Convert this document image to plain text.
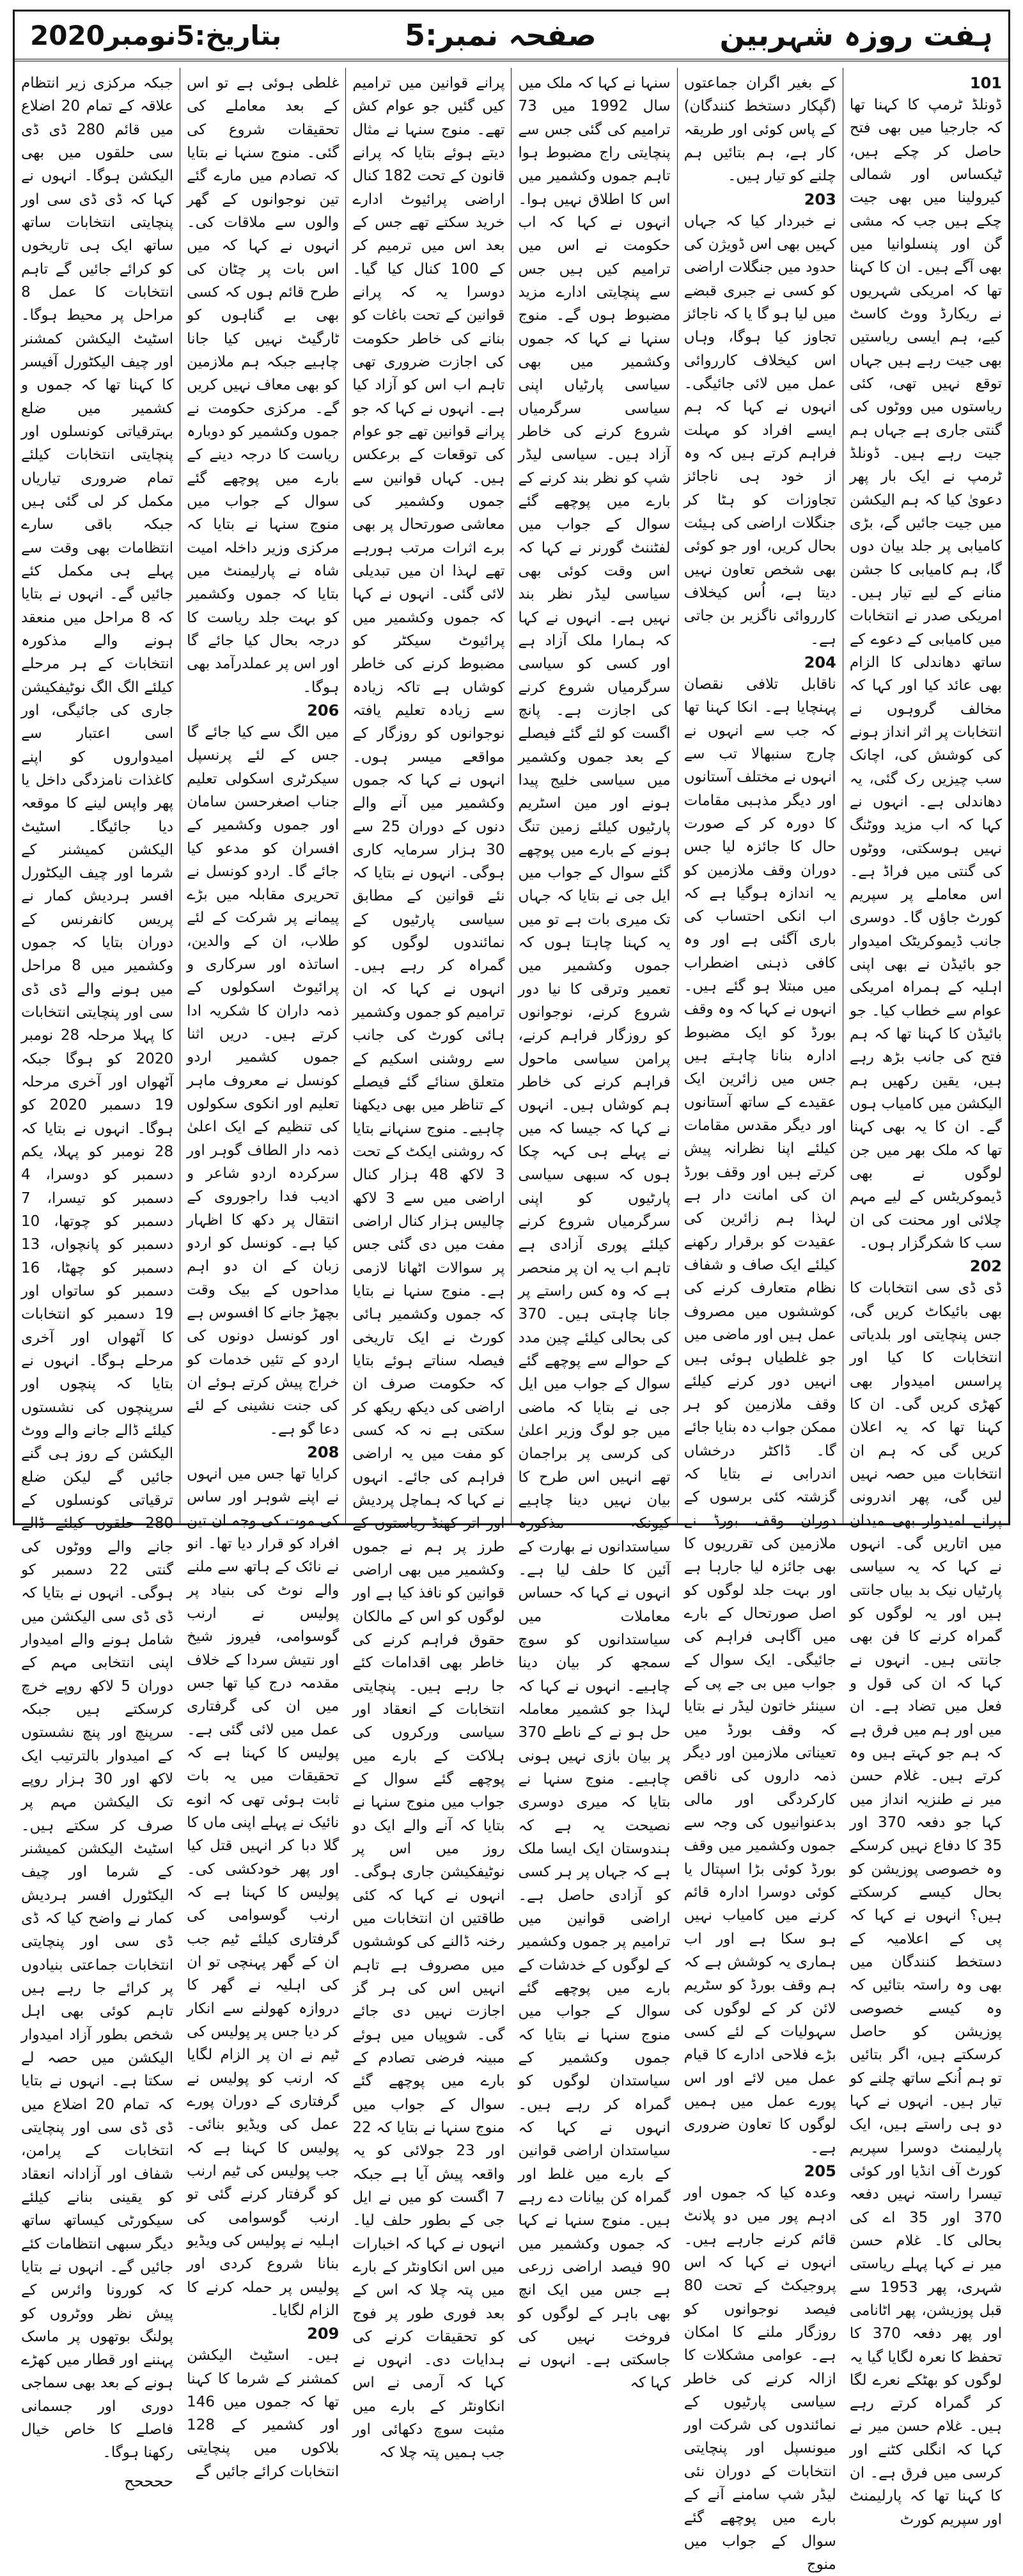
ہفت روزہ شہربین
صفحہ نمبر:5
بتاریخ:5نومبر2020
101

ڈونلڈ ٹرمپ کا کہنا تھا کہ جارجیا میں بھی فتح حاصل کر چکے ہیں، ٹیکساس اور شمالی کیرولینا میں بھی جیت چکے ہیں جب کہ مشی گن اور پنسلوانیا میں بھی آگے ہیں۔ ان کا کہنا تھا کہ امریکی شہریوں نے ریکارڈ ووٹ کاسٹ کیے، ہم ایسی ریاستیں بھی جیت رہے ہیں جہاں توقع نہیں تھی، کئی ریاستوں میں ووٹوں کی گنتی جاری ہے جہاں ہم جیت رہے ہیں۔ ڈونلڈ ٹرمپ نے ایک بار پھر دعویٰ کیا کہ ہم الیکشن میں جیت جائیں گے، بڑی کامیابی پر جلد بیان دوں گا، ہم کامیابی کا جشن منانے کے لیے تیار ہیں۔ امریکی صدر نے انتخابات میں کامیابی کے دعوے کے ساتھ دھاندلی کا الزام بھی عائد کیا اور کہا کہ مخالف گروہوں نے انتخابات پر اثر انداز ہونے کی کوشش کی، اچانک سب چیزیں رک گئی، یہ دھاندلی ہے۔ انہوں نے کہا کہ اب مزید ووٹنگ نہیں ہوسکتی، ووٹوں کی گنتی میں فراڈ ہے۔ اس معاملے پر سپریم کورٹ جاؤں گا۔ دوسری جانب ڈیموکریٹک امیدوار جو بائیڈن نے بھی اپنی اہلیہ کے ہمراہ امریکی عوام سے خطاب کیا۔ جو بائیڈن کا کہنا تھا کہ ہم فتح کی جانب بڑھ رہے ہیں، یقین رکھیں ہم الیکشن میں کامیاب ہوں گے۔ ان کا یہ بھی کہنا تھا کہ ملک بھر میں جن لوگوں نے بھی ڈیموکریٹس کے لیے مہم چلائی اور محنت کی ان سب کا شکرگزار ہوں۔

202

ڈی ڈی سی انتخابات کا بھی بائیکاٹ کریں گی، جس پنچایتی اور بلدیاتی انتخابات کا کیا اور پراسس امیدوار بھی کھڑی کریں گی۔ ان کا کہنا تھا کہ یہ اعلان کریں گی کہ ہم ان انتخابات میں حصہ نہیں لیں گی، پھر اندرونی پرانے امیدوار بھی میدان میں اتاریں گی۔ انہوں نے کہا کہ یہ سیاسی پارٹیاں نیک بد بیاں جانتی ہیں اور یہ لوگوں کو گمراہ کرنے کا فن بھی جانتی ہیں۔ انہوں نے کہا کہ ان کی قول و فعل میں تضاد ہے۔ ان میں اور ہم میں فرق ہے کہ ہم جو کہتے ہیں وہ کرتے ہیں۔ غلام حسن میر نے طنزیہ انداز میں کہا جو دفعہ 370 اور 35 کا دفاع نہیں کرسکے وہ خصوصی پوزیشن کو بحال کیسے کرسکتے ہیں؟ انہوں نے کہا کہ پی کے اعلامیہ کے دستخط کنندگان میں بھی وہ راستہ بتائیں کہ وہ کیسے خصوصی پوزیشن کو حاصل کرسکتے ہیں، اگر بتائیں تو ہم اُنکے ساتھ چلنے کو تیار ہیں۔ انہوں نے کہا دو ہی راستے ہیں، ایک پارلیمنٹ دوسرا سپریم کورٹ آف انڈیا اور کوئی تیسرا راستہ نہیں دفعہ 370 اور 35 اے کی بحالی کا۔ غلام حسن میر نے کہا پہلے ریاستی شہری، پھر 1953 سے قبل پوزیشن، پھر اٹانامی اور پھر دفعہ 370 کا تحفظ کا نعرہ لگایا گیا یہ لوگوں کو بھٹکے نعرے لگا کر گمراہ کرتے رہے ہیں۔ غلام حسن میر نے کہا کہ انگلی کٹنے اور کرسی میں فرق ہے۔ ان کا کہنا تھا کہ پارلیمنٹ اور سپریم کورٹ

کے بغیر اگران جماعتوں (گپکار دستخط کنندگان) کے پاس کوئی اور طریقہ کار ہے، ہم بتائیں ہم چلنے کو تیار ہیں۔

203

نے خبردار کیا کہ جہاں کہیں بھی اس ڈویژن کی حدود میں جنگلات اراضی کو کسی نے جبری قبضے میں لیا ہو گا یا کہ ناجائز تجاوز کیا ہوگا، وہاں اس کیخلاف کارروائی عمل میں لائی جائیگی۔ انہوں نے کہا کہ ہم ایسے افراد کو مہلت فراہم کرتے ہیں کہ وہ از خود ہی ناجائز تجاوزات کو ہٹا کر جنگلات اراضی کی ہیئت بحال کریں، اور جو کوئی بھی شخص تعاون نہیں دیتا ہے، اُس کیخلاف کارروائی ناگزیر بن جاتی ہے۔

204

ناقابل تلافی نقصان پہنچایا ہے۔ انکا کہنا تھا کہ جب سے انہوں نے چارج سنبھالا تب سے انہوں نے مختلف آستانوں اور دیگر مذہبی مقامات کا دورہ کر کے صورت حال کا جائزہ لیا جس دوران وقف ملازمین کو یہ اندازہ ہوگیا ہے کہ اب انکی احتساب کی باری آگئی ہے اور وہ کافی ذہنی اضطراب میں مبتلا ہو گئے ہیں۔ انہوں نے کہا کہ وہ وقف بورڈ کو ایک مضبوط ادارہ بنانا چاہتے ہیں جس میں زائرین ایک عقیدے کے ساتھ آستانوں اور دیگر مقدس مقامات کیلئے اپنا نظرانہ پیش کرتے ہیں اور وقف بورڈ ان کی امانت دار ہے لہذا ہم زائرین کی عقیدت کو برقرار رکھنے کیلئے ایک صاف و شفاف نظام متعارف کرنے کی کوششوں میں مصروف عمل ہیں اور ماضی میں جو غلطیاں ہوئی ہیں انہیں دور کرنے کیلئے وقف ملازمین کو ہر ممکن جواب دہ بنایا جائے گا۔ ڈاکٹر درخشاں اندرابی نے بتایا کہ گزشتہ کئی برسوں کے دوران وقف بورڈ نے ملازمین کی تقرریوں کا بھی جائزہ لیا جارہا ہے اور بہت جلد لوگوں کو اصل صورتحال کے بارے میں آگاہی فراہم کی جائیگی۔ ایک سوال کے جواب میں بی جے پی کے سینئر خاتون لیڈر نے بتایا کہ وقف بورڈ میں تعیناتی ملازمین اور دیگر ذمہ داروں کی ناقص کارکردگی اور مالی بدعنوانیوں کی وجہ سے جموں وکشمیر میں وقف بورڈ کوئی بڑا اسپتال یا کوئی دوسرا ادارہ قائم کرنے میں کامیاب نہیں ہو سکا ہے اور اب ہماری یہ کوشش ہے کہ ہم وقف بورڈ کو سٹریم لائن کر کے لوگوں کی سہولیات کے لئے کسی بڑے فلاحی ادارے کا قیام عمل میں لائے اور اس پورے عمل میں ہمیں لوگوں کا تعاون ضروری ہے۔

205

وعدہ کیا کہ جموں اور ادہم پور میں دو پلانٹ قائم کرنے جارہے ہیں۔ انہوں نے کہا کہ اس پروجیکٹ کے تحت 80 فیصد نوجوانوں کو روزگار ملنے کا امکان ہے۔ عوامی مشکلات کا ازالہ کرنے کی خاطر سیاسی پارٹیوں کے نمائندوں کی شرکت اور میونسپل اور پنچایتی انتخابات کے دوران نئی لیڈر شپ سامنے آنے کے بارے میں پوچھے گئے سوال کے جواب میں منوج

سنہا نے کہا کہ ملک میں سال 1992 میں 73 ترامیم کی گئی جس سے پنچایتی راج مضبوط ہوا تاہم جموں وکشمیر میں اس کا اطلاق نہیں ہوا۔ انہوں نے کہا کہ اب حکومت نے اس میں ترامیم کیں ہیں جس سے پنچایتی ادارے مزید مضبوط ہوں گے۔ منوج سنہا نے کہا کہ جموں وکشمیر میں بھی سیاسی پارٹیاں اپنی سیاسی سرگرمیاں شروع کرنے کی خاطر آزاد ہیں۔ سیاسی لیڈر شپ کو نظر بند کرنے کے بارے میں پوچھے گئے سوال کے جواب میں لفٹننٹ گورنر نے کہا کہ اس وقت کوئی بھی سیاسی لیڈر نظر بند نہیں ہے۔ انہوں نے کہا کہ ہمارا ملک آزاد ہے اور کسی کو سیاسی سرگرمیاں شروع کرنے کی اجازت ہے۔ پانچ اگست کو لئے گئے فیصلے کے بعد جموں وکشمیر میں سیاسی خلیج پیدا ہونے اور مین اسٹریم پارٹیوں کیلئے زمین تنگ ہونے کے بارے میں پوچھے گئے سوال کے جواب میں ایل جی نے بتایا کہ جہاں تک میری بات ہے تو میں یہ کہنا چاہتا ہوں کہ جموں وکشمیر میں تعمیر وترقی کا نیا دور شروع کرنے، نوجوانوں کو روزگار فراہم کرنے، پرامن سیاسی ماحول فراہم کرنے کی خاطر ہم کوشاں ہیں۔ انہوں نے کہا کہ جیسا کہ میں نے پہلے ہی کہہ چکا ہوں کہ سبھی سیاسی پارٹیوں کو اپنی سرگرمیاں شروع کرنے کیلئے پوری آزادی ہے تاہم اب یہ ان پر منحصر ہے کہ وہ کس راستے پر جانا چاہتی ہیں۔ 370 کی بحالی کیلئے چین مدد کے حوالے سے پوچھے گئے سوال کے جواب میں ایل جی نے بتایا کہ ماضی میں جو لوگ وزیر اعلیٰ کی کرسی پر براجمان تھے انہیں اس طرح کا بیان نہیں دینا چاہیے کیونکہ مذکورہ سیاستدانوں نے بھارت کے آئین کا حلف لیا ہے۔ انہوں نے کہا کہ حساس معاملات میں سیاستدانوں کو سوچ سمجھ کر بیان دینا چاہیے۔ انہوں نے کہا کہ لہذا جو کشمیر معاملہ حل ہو نے کے ناطے 370 پر بیان بازی نہیں ہونی چاہیے۔ منوج سنہا نے بتایا کہ میری دوسری نصیحت یہ ہے کہ ہندوستان ایک ایسا ملک ہے کہ جہاں پر ہر کسی کو آزادی حاصل ہے۔ اراضی قوانین میں ترامیم پر جموں وکشمیر کے لوگوں کے خدشات کے بارے میں پوچھے گئے سوال کے جواب میں منوج سنہا نے بتایا کہ جموں وکشمیر کے سیاستدان لوگوں کو گمراہ کر رہے ہیں۔ انہوں نے کہا کہ سیاستدان اراضی قوانین کے بارے میں غلط اور گمراہ کن بیانات دے رہے ہیں۔ منوج سنہا نے کہا کہ جموں وکشمیر میں 90 فیصد اراضی زرعی ہے جس میں ایک انچ بھی باہر کے لوگوں کو فروخت نہیں کی جاسکتی ہے۔ انہوں نے کہا کہ

پرانے قوانین میں ترامیم کیں گئیں جو عوام کش تھے۔ منوج سنہا نے مثال دیتے ہوئے بتایا کہ پرانے قانون کے تحت 182 کنال اراضی پرائیوٹ ادارے خرید سکتے تھے جس کے بعد اس میں ترمیم کر کے 100 کنال کیا گیا۔ دوسرا یہ کہ پرانے قوانین کے تحت باغات کو بنانے کی خاطر حکومت کی اجازت ضروری تھی تاہم اب اس کو آزاد کیا ہے۔ انہوں نے کہا کہ جو پرانے قوانین تھے جو عوام کی توقعات کے برعکس ہیں۔ کہاں قوانین سے جموں وکشمیر کی معاشی صورتحال پر بھی برے اثرات مرتب ہورہے تھے لہذا ان میں تبدیلی لائی گئی۔ انہوں نے کہا کہ جموں وکشمیر میں پرائیوٹ سیکٹر کو مضبوط کرنے کی خاطر کوشاں ہے تاکہ زیادہ سے زیادہ تعلیم یافتہ نوجوانوں کو روزگار کے مواقعے میسر ہوں۔ انہوں نے کہا کہ جموں وکشمیر میں آنے والے دنوں کے دوران 25 سے 30 ہزار سرمایہ کاری ہوگی۔ انہوں نے بتایا کہ نئے قوانین کے مطابق سیاسی پارٹیوں کے نمائندوں لوگوں کو گمراہ کر رہے ہیں۔ انہوں نے کہا کہ ان ترامیم کو جموں وکشمیر ہائی کورٹ کی جانب سے روشنی اسکیم کے متعلق سنائے گئے فیصلے کے تناظر میں بھی دیکھنا چاہیے۔ منوج سنہانے بتایا کہ روشنی ایکٹ کے تحت 3 لاکھ 48 ہزار کنال اراضی میں سے 3 لاکھ چالیس ہزار کنال اراضی مفت میں دی گئی جس پر سوالات اٹھانا لازمی ہے۔ منوج سنہا نے بتایا کہ جموں وکشمیر ہائی کورٹ نے ایک تاریخی فیصلہ سناتے ہوئے بتایا کہ حکومت صرف ان اراضی کی دیکھ ریکھ کر سکتی ہے نہ کہ کسی کو مفت میں یہ اراضی فراہم کی جائے۔ انہوں نے کہا کہ ہماچل پردیش اور اتر کھنڈ ریاستوں کے طرز پر ہم نے جموں وکشمیر میں بھی اراضی قوانین کو نافذ کیا ہے اور لوگوں کو اس کے مالکان حقوق فراہم کرنے کی خاطر بھی اقدامات کئے جا رہے ہیں۔ پنچایتی انتخابات کے انعقاد اور سیاسی ورکروں کی ہلاکت کے بارے میں پوچھے گئے سوال کے جواب میں منوج سنہا نے بتایا کہ آنے والے ایک دو روز میں اس پر نوٹیفکیشن جاری ہوگی۔ انہوں نے کہا کہ کئی طاقتیں ان انتخابات میں رخنہ ڈالنے کی کوششوں میں مصروف ہے تاہم انہیں اس کی ہر گز اجازت نہیں دی جائے گی۔ شوپیاں میں ہوئے مبینہ فرضی تصادم کے بارے میں پوچھے گئے سوال کے جواب میں منوج سنہا نے بتایا کہ 22 اور 23 جولائی کو یہ واقعہ پیش آیا ہے جبکہ 7 اگست کو میں نے ایل جی کے بطور حلف لیا۔ انہوں نے کہا کہ اخبارات میں اس انکاونٹر کے بارے میں پتہ چلا کہ اس کے بعد فوری طور پر فوج کو تحقیقات کرنے کی ہدایات دی۔ انہوں نے کہا کہ آرمی نے اس انکاونٹر کے بارے میں مثبت سوچ دکھائی اور جب ہمیں پتہ چلا کہ

غلطی ہوئی ہے تو اس کے بعد معاملے کی تحقیقات شروع کی گئی۔ منوج سنہا نے بتایا کہ تصادم میں مارے گئے تین نوجوانوں کے گھر والوں سے ملاقات کی۔ انہوں نے کہا کہ میں اس بات پر چٹان کی طرح قائم ہوں کہ کسی بھی بے گناہوں کو ٹارگیٹ نہیں کیا جانا چاہیے جبکہ ہم ملازمین کو بھی معاف نہیں کریں گے۔ مرکزی حکومت نے جموں وکشمیر کو دوبارہ ریاست کا درجہ دینے کے بارے میں پوچھے گئے سوال کے جواب میں منوج سنہا نے بتایا کہ مرکزی وزیر داخلہ امیت شاہ نے پارلیمنٹ میں بتایا کہ جموں وکشمیر کو بہت جلد ریاست کا درجہ بحال کیا جائے گا اور اس پر عملدرآمد بھی ہوگا۔

206

میں الگ سے کیا جائے گا جس کے لئے پرنسپل سیکرٹری اسکولی تعلیم جناب اصغرحسن سامان اور جموں وکشمیر کے افسران کو مدعو کیا جائے گا۔ اردو کونسل نے تحریری مقابلہ میں بڑے پیمانے پر شرکت کے لئے طلاب، ان کے والدین، اساتذہ اور سرکاری و پرائیوٹ اسکولوں کے ذمہ داران کا شکریہ ادا کرتے ہیں۔ دریں اثنا جموں کشمیر اردو کونسل نے معروف ماہر تعلیم اور انکوی سکولوں کی تنظیم کے ایک اعلیٰ ذمہ دار الطاف گوہر اور سرکردہ اردو شاعر و ادیب فدا راجوروی کے انتقال پر دکھ کا اظہار کیا ہے۔ کونسل کو اردو زبان کے ان دو اہم مداحوں کے بیک وقت بچھڑ جانے کا افسوس ہے اور کونسل دونوں کی اردو کے تئیں خدمات کو خراج پیش کرتے ہوئے ان کی جنت نشینی کے لئے دعا گو ہے۔

208

کرایا تھا جس میں انہوں نے اپنے شوہر اور ساس کی موت کی وجہ ان تین افراد کو قرار دیا تھا۔ انو نے نائک کے ہاتھ سے ملنے والے نوٹ کی بنیاد پر پولیس نے ارنب گوسوامی، فیروز شیخ اور نتیش سردا کے خلاف مقدمہ درج کیا تھا جس میں ان کی گرفتاری عمل میں لائی گئی ہے۔ پولیس کا کہنا ہے کہ تحقیقات میں یہ بات ثابت ہوئی تھی کہ انوے نائیک نے پہلے اپنی ماں کا گلا دبا کر انہیں قتل کیا اور پھر خودکشی کی۔ پولیس کا کہنا ہے کہ ارنب گوسوامی کی گرفتاری کیلئے ٹیم جب ان کے گھر پہنچی تو ان کی اہلیہ نے گھر کا دروازہ کھولنے سے انکار کر دیا جس پر پولیس کی ٹیم نے ان پر الزام لگایا کہ ارنب کو پولیس نے گرفتاری کے دوران پورے عمل کی ویڈیو بنائی۔ پولیس کا کہنا ہے کہ جب پولیس کی ٹیم ارنب کو گرفتار کرنے گئی تو ارنب گوسوامی کی اہلیہ نے پولیس کی ویڈیو بنانا شروع کردی اور پولیس پر حملہ کرنے کا الزام لگایا۔

209

ہیں۔ اسٹیٹ الیکشن کمشنر کے شرما کا کہنا تھا کہ جموں میں 146 اور کشمیر کے 128 بلاکوں میں پنچایتی انتخابات کرائے جائیں گے

جبکہ مرکزی زیر انتظام علاقہ کے تمام 20 اضلاع میں قائم 280 ڈی ڈی سی حلقوں میں بھی الیکشن ہوگا۔ انہوں نے کہا کہ ڈی ڈی سی اور پنچایتی انتخابات ساتھ ساتھ ایک ہی تاریخوں کو کرائے جائیں گے تاہم انتخابات کا عمل 8 مراحل پر محیط ہوگا۔ اسٹیٹ الیکشن کمشنر اور چیف الیکٹورل آفیسر کا کہنا تھا کہ جموں و کشمیر میں ضلع بہترقیاتی کونسلوں اور پنچایتی انتخابات کیلئے تمام ضروری تیاریاں مکمل کر لی گئی ہیں جبکہ باقی سارے انتظامات بھی وقت سے پہلے ہی مکمل کئے جائیں گے۔ انہوں نے بتایا کہ 8 مراحل میں منعقد ہونے والے مذکورہ انتخابات کے ہر مرحلے کیلئے الگ الگ نوٹیفکیشن جاری کی جائیگی، اور اسی اعتبار سے امیدواروں کو اپنے کاغذات نامزدگی داخل یا پھر واپس لینے کا موقعہ دیا جائیگا۔ اسٹیٹ الیکشن کمیشنر کے شرما اور چیف الیکٹورل افسر ہردیش کمار نے پریس کانفرنس کے دوران بتایا کہ جموں وکشمیر میں 8 مراحل میں ہونے والے ڈی ڈی سی اور پنچایتی انتخابات کا پہلا مرحلہ 28 نومبر 2020 کو ہوگا جبکہ آٹھواں اور آخری مرحلہ 19 دسمبر 2020 کو ہوگا۔ انہوں نے بتایا کہ 28 نومبر کو پہلا، یکم دسمبر کو دوسرا، 4 دسمبر کو تیسرا، 7 دسمبر کو چوتھا، 10 دسمبر کو پانچواں، 13 دسمبر کو چھٹا، 16 دسمبر کو ساتواں اور 19 دسمبر کو انتخابات کا آٹھواں اور آخری مرحلے ہوگا۔ انہوں نے بتایا کہ پنچوں اور سرپنچوں کی نشستوں کیلئے ڈالے جانے والے ووٹ الیکشن کے روز ہی گنے جائیں گے لیکن ضلع ترقیاتی کونسلوں کے 280 حلقوں کیلئے ڈالے جانے والے ووٹوں کی گنتی 22 دسمبر کو ہوگی۔ انہوں نے بتایا کہ ڈی ڈی سی الیکشن میں شامل ہونے والے امیدوار اپنی انتخابی مہم کے دوران 5 لاکھ روپے خرچ کرسکتے ہیں جبکہ سرپنچ اور پنچ نشستوں کے امیدوار بالترتیب ایک لاکھ اور 30 ہزار روپے تک الیکشن مہم پر صرف کر سکتے ہیں۔ اسٹیٹ الیکشن کمیشنر کے شرما اور چیف الیکٹورل افسر ہردیش کمار نے واضح کیا کہ ڈی ڈی سی اور پنچایتی انتخابات جماعتی بنیادوں پر کرائے جا رہے ہیں تاہم کوئی بھی اہل شخص بطور آزاد امیدوار الیکشن میں حصہ لے سکتا ہے۔ انہوں نے بتایا کہ تمام 20 اضلاع میں ڈی ڈی سی اور پنچایتی انتخابات کے پرامن، شفاف اور آزادانہ انعقاد کو یقینی بنانے کیلئے سیکورٹی کیساتھ ساتھ دیگر سبھی انتظامات کئے جائیں گے۔ انہوں نے بتایا کہ کورونا وائرس کے پیش نظر ووٹروں کو پولنگ بوتھوں پر ماسک پہننے اور قطار میں کھڑے ہونے کے بعد بھی سماجی دوری اور جسمانی فاصلے کا خاص خیال رکھنا ہوگا۔

ححححح
